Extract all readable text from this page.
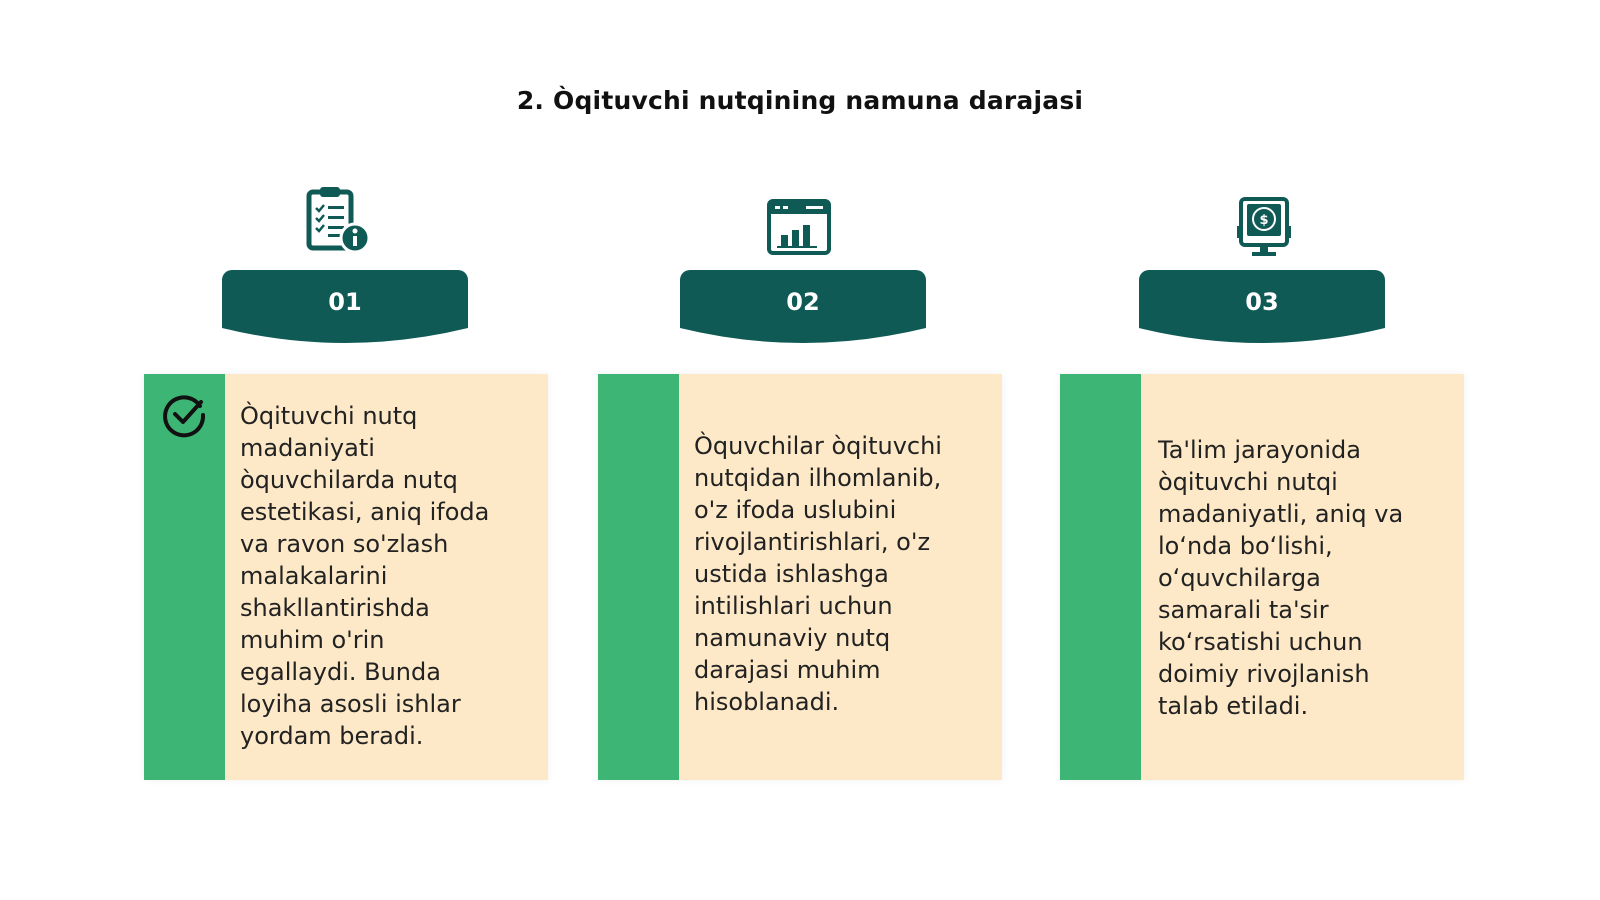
2. Òqituvchi nutqining namuna darajasi
01
Òqituvchi nutq
madaniyati
òquvchilarda nutq
estetikasi, aniq ifoda
va ravon so'zlash
malakalarini
shakllantirishda
muhim o'rin
egallaydi. Bunda
loyiha asosli ishlar
yordam beradi.
02
Òquvchilar òqituvchi
nutqidan ilhomlanib,
o'z ifoda uslubini
rivojlantirishlari, o'z
ustida ishlashga
intilishlari uchun
namunaviy nutq
darajasi muhim
hisoblanadi.
$
03
Ta'lim jarayonida
òqituvchi nutqi
madaniyatli, aniq va
loʻnda boʻlishi,
oʻquvchilarga
samarali ta'sir
koʻrsatishi uchun
doimiy rivojlanish
talab etiladi.
